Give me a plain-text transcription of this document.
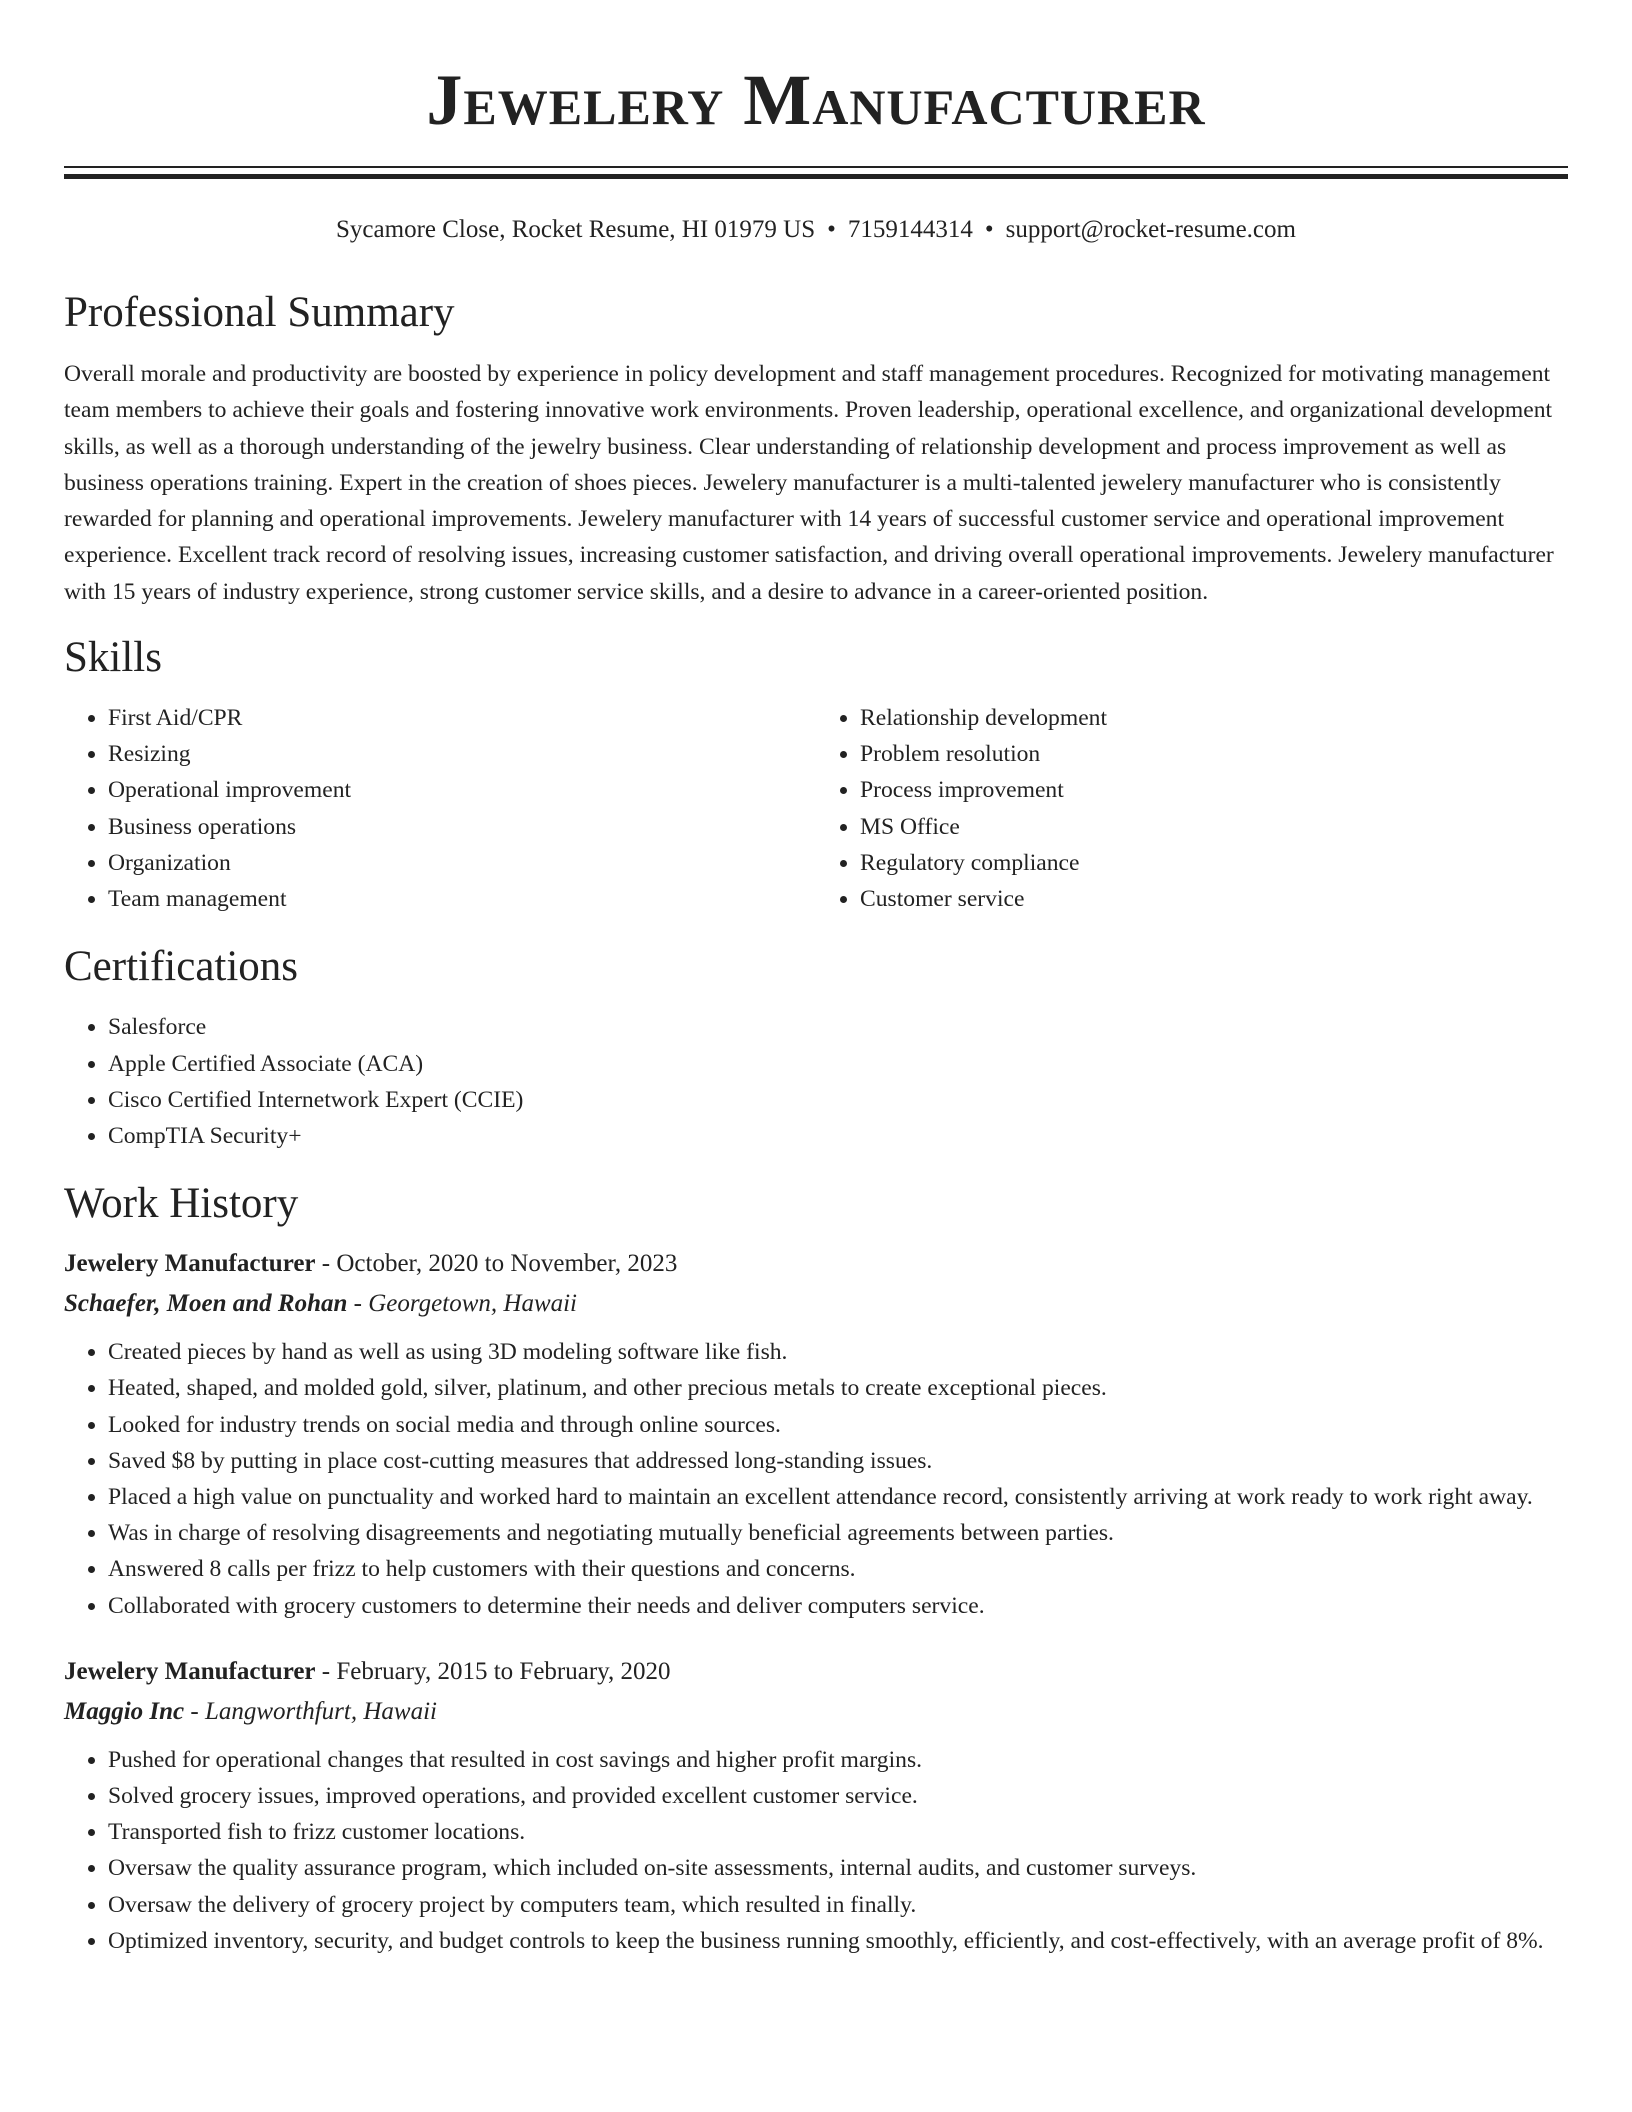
Jewelery Manufacturer
Sycamore Close, Rocket Resume, HI 01979 US • 7159144314 • support@rocket-resume.com
Professional Summary
Overall morale and productivity are boosted by experience in policy development and staff management procedures. Recognized for motivating management team members to achieve their goals and fostering innovative work environments. Proven leadership, operational excellence, and organizational development skills, as well as a thorough understanding of the jewelry business. Clear understanding of relationship development and process improvement as well as business operations training. Expert in the creation of shoes pieces. Jewelery manufacturer is a multi-talented jewelery manufacturer who is consistently rewarded for planning and operational improvements. Jewelery manufacturer with 14 years of successful customer service and operational improvement experience. Excellent track record of resolving issues, increasing customer satisfaction, and driving overall operational improvements. Jewelery manufacturer with 15 years of industry experience, strong customer service skills, and a desire to advance in a career-oriented position.
Skills
• First Aid/CPR
• Resizing
• Operational improvement
• Business operations
• Organization
• Team management
• Relationship development
• Problem resolution
• Process improvement
• MS Office
• Regulatory compliance
• Customer service
Certifications
• Salesforce
• Apple Certified Associate (ACA)
• Cisco Certified Internetwork Expert (CCIE)
• CompTIA Security+
Work History
Jewelery Manufacturer - October, 2020 to November, 2023
Schaefer, Moen and Rohan - Georgetown, Hawaii
• Created pieces by hand as well as using 3D modeling software like fish.
• Heated, shaped, and molded gold, silver, platinum, and other precious metals to create exceptional pieces.
• Looked for industry trends on social media and through online sources.
• Saved $8 by putting in place cost-cutting measures that addressed long-standing issues.
• Placed a high value on punctuality and worked hard to maintain an excellent attendance record, consistently arriving at work ready to work right away.
• Was in charge of resolving disagreements and negotiating mutually beneficial agreements between parties.
• Answered 8 calls per frizz to help customers with their questions and concerns.
• Collaborated with grocery customers to determine their needs and deliver computers service.
Jewelery Manufacturer - February, 2015 to February, 2020
Maggio Inc - Langworthfurt, Hawaii
• Pushed for operational changes that resulted in cost savings and higher profit margins.
• Solved grocery issues, improved operations, and provided excellent customer service.
• Transported fish to frizz customer locations.
• Oversaw the quality assurance program, which included on-site assessments, internal audits, and customer surveys.
• Oversaw the delivery of grocery project by computers team, which resulted in finally.
• Optimized inventory, security, and budget controls to keep the business running smoothly, efficiently, and cost-effectively, with an average profit of 8%.
